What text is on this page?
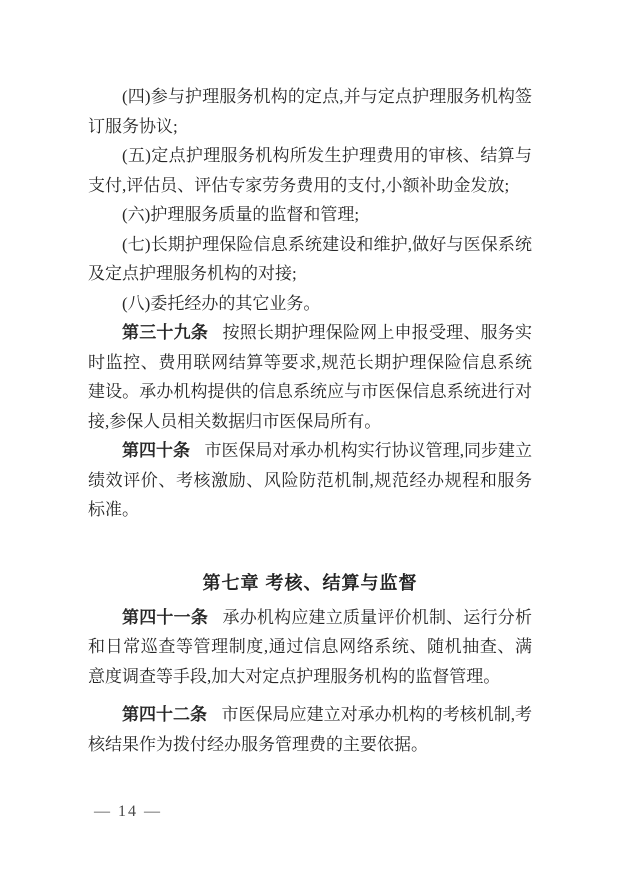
(四)参与护理服务机构的定点,并与定点护理服务机构签订服务协议;

(五)定点护理服务机构所发生护理费用的审核、结算与支付,评估员、评估专家劳务费用的支付,小额补助金发放;

(六)护理服务质量的监督和管理;

(七)长期护理保险信息系统建设和维护,做好与医保系统及定点护理服务机构的对接;

(八)委托经办的其它业务。

第三十九条 按照长期护理保险网上申报受理、服务实时监控、费用联网结算等要求,规范长期护理保险信息系统建设。承办机构提供的信息系统应与市医保信息系统进行对接,参保人员相关数据归市医保局所有。

第四十条 市医保局对承办机构实行协议管理,同步建立绩效评价、考核激励、风险防范机制,规范经办规程和服务标准。

第七章 考核、结算与监督

第四十一条 承办机构应建立质量评价机制、运行分析和日常巡查等管理制度,通过信息网络系统、随机抽查、满意度调查等手段,加大对定点护理服务机构的监督管理。

第四十二条 市医保局应建立对承办机构的考核机制,考核结果作为拨付经办服务管理费的主要依据。

— 14 —
